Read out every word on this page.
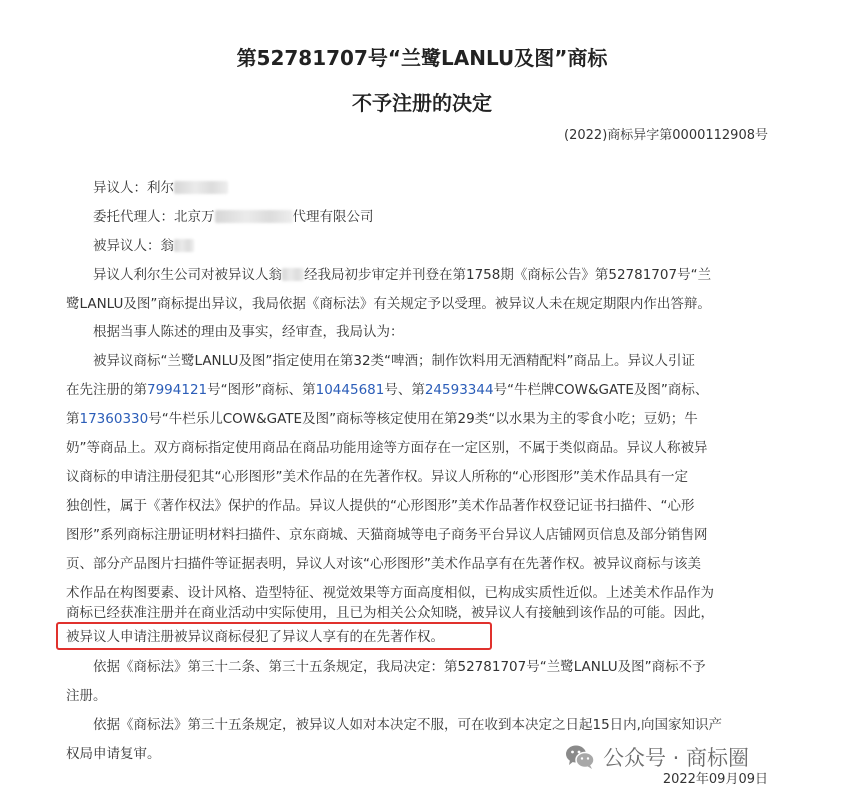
第52781707号“兰鹭LANLU及图”商标
不予注册的决定
(2022)商标异字第0000112908号
异议人：利尔
委托代理人：北京万	代理有限公司
被异议人：翁
异议人利尔生公司对被异议人翁 经我局初步审定并刊登在第1758期《商标公告》第52781707号“兰
鹭LANLU及图”商标提出异议，我局依据《商标法》有关规定予以受理。被异议人未在规定期限内作出答辩。
根据当事人陈述的理由及事实，经审查，我局认为：
被异议商标“兰鹭LANLU及图”指定使用在第32类“啤酒；制作饮料用无酒精配料”商品上。异议人引证
在先注册的第7994121号“图形”商标、第10445681号、第24593344号“牛栏牌COW&GATE及图”商标、
第17360330号“牛栏乐儿COW&GATE及图”商标等核定使用在第29类“以水果为主的零食小吃；豆奶；牛
奶”等商品上。双方商标指定使用商品在商品功能用途等方面存在一定区别，不属于类似商品。异议人称被异
议商标的申请注册侵犯其“心形图形”美术作品的在先著作权。异议人所称的“心形图形”美术作品具有一定
独创性，属于《著作权法》保护的作品。异议人提供的“心形图形”美术作品著作权登记证书扫描件、“心形
图形”系列商标注册证明材料扫描件、京东商城、天猫商城等电子商务平台异议人店铺网页信息及部分销售网
页、部分产品图片扫描件等证据表明，异议人对该“心形图形”美术作品享有在先著作权。被异议商标与该美
术作品在构图要素、设计风格、造型特征、视觉效果等方面高度相似，已构成实质性近似。上述美术作品作为
商标已经获准注册并在商业活动中实际使用，且已为相关公众知晓，被异议人有接触到该作品的可能。因此，
被异议人申请注册被异议商标侵犯了异议人享有的在先著作权。
依据《商标法》第三十二条、第三十五条规定，我局决定：第52781707号“兰鹭LANLU及图”商标不予
注册。
依据《商标法》第三十五条规定，被异议人如对本决定不服，可在收到本决定之日起15日内,向国家知识产
权局申请复审。	公众号 · 商标圈
2022年09月09日
